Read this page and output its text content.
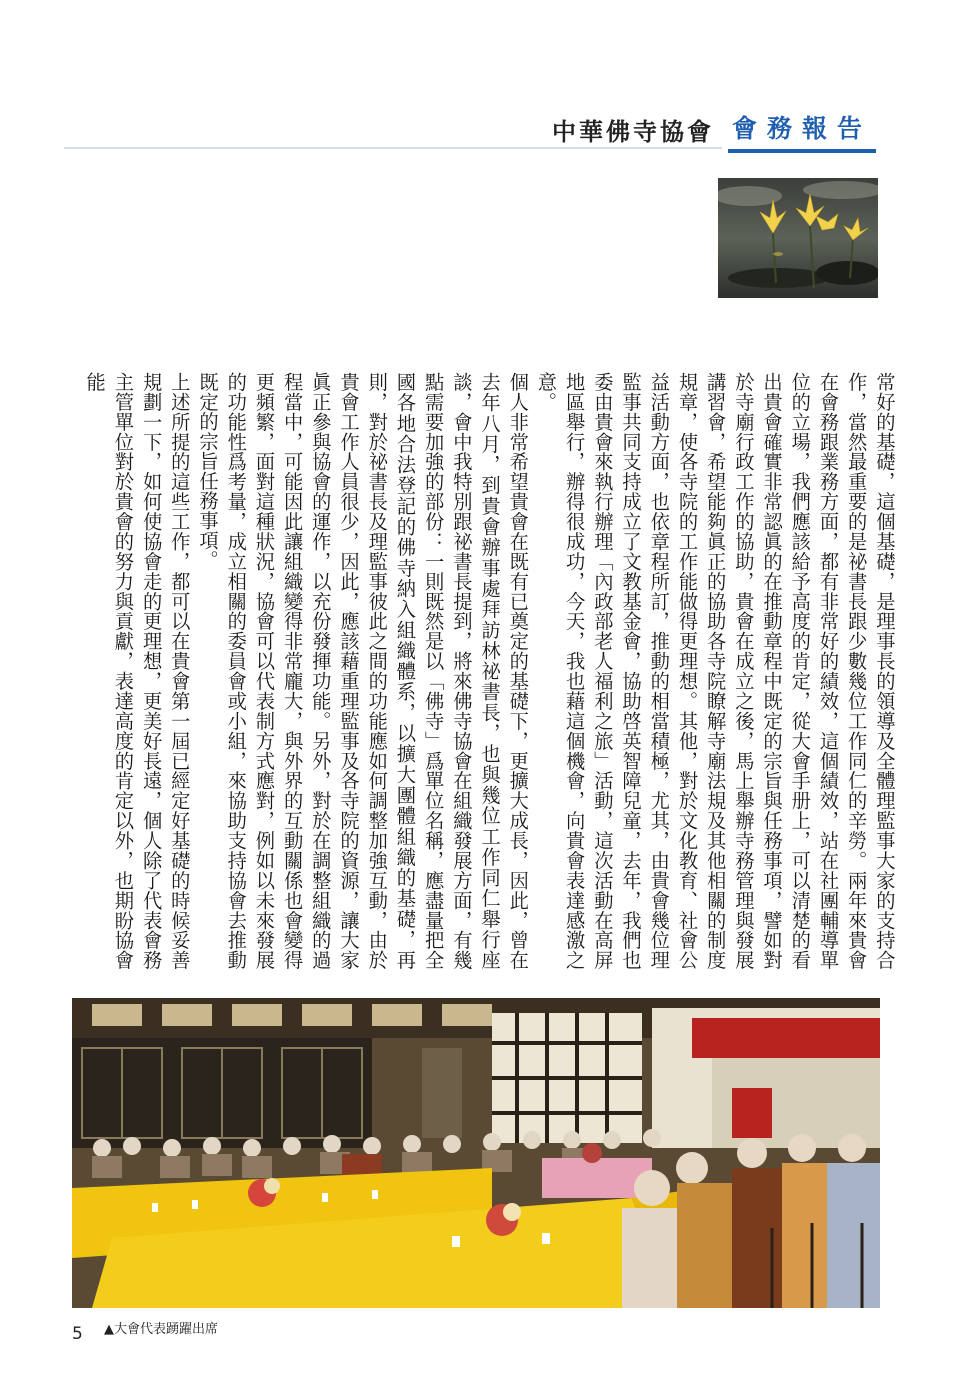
中華佛寺協會 會務報告

常好的基礎，這個基礎，是理事長的領導及全體理監事大家的支持合作，當然最重要的是祕書長跟少數幾位工作同仁的辛勞。兩年來貴會在會務跟業務方面，都有非常好的績效，這個績效，站在社團輔導單位的立場，我們應該給予高度的肯定，從大會手册上，可以清楚的看出貴會確實非常認眞的在推動章程中既定的宗旨與任務事項，譬如對於寺廟行政工作的協助，貴會在成立之後，馬上舉辦寺務管理與發展講習會，希望能夠眞正的協助各寺院瞭解寺廟法規及其他相關的制度規章，使各寺院的工作能做得更理想。其他，對於文化教育、社會公益活動方面，也依章程所訂，推動的相當積極，尤其，由貴會幾位理監事共同支持成立了文教基金會，協助啓英智障兒童，去年，我們也委由貴會來執行辦理「內政部老人福利之旅」活動，這次活動在高屏地區舉行，辦得很成功，今天，我也藉這個機會，向貴會表達感激之意。

個人非常希望貴會在既有已奠定的基礎下，更擴大成長，因此，曾在去年八月，到貴會辦事處拜訪林祕書長，也與幾位工作同仁舉行座談，會中我特別跟祕書長提到，將來佛寺協會在組織發展方面，有幾點需要加強的部份：一則既然是以「佛寺」爲單位名稱，應盡量把全國各地合法登記的佛寺納入組織體系，以擴大團體組織的基礎，再則，對於祕書長及理監事彼此之間的功能應如何調整加強互動，由於貴會工作人員很少，因此，應該藉重理監事及各寺院的資源，讓大家眞正參與協會的運作，以充份發揮功能。另外，對於在調整組織的過程當中，可能因此讓組織變得非常龐大，與外界的互動關係也會變得更頻繁，面對這種狀況，協會可以代表制方式應對，例如以未來發展的功能性爲考量，成立相關的委員會或小組，來協助支持協會去推動既定的宗旨任務事項。

上述所提的這些工作，都可以在貴會第一屆已經定好基礎的時候妥善規劃一下，如何使協會走的更理想，更美好長遠，個人除了代表會務主管單位對於貴會的努力與貢獻，表達高度的肯定以外，也期盼協會能

5 ▲大會代表踴躍出席
